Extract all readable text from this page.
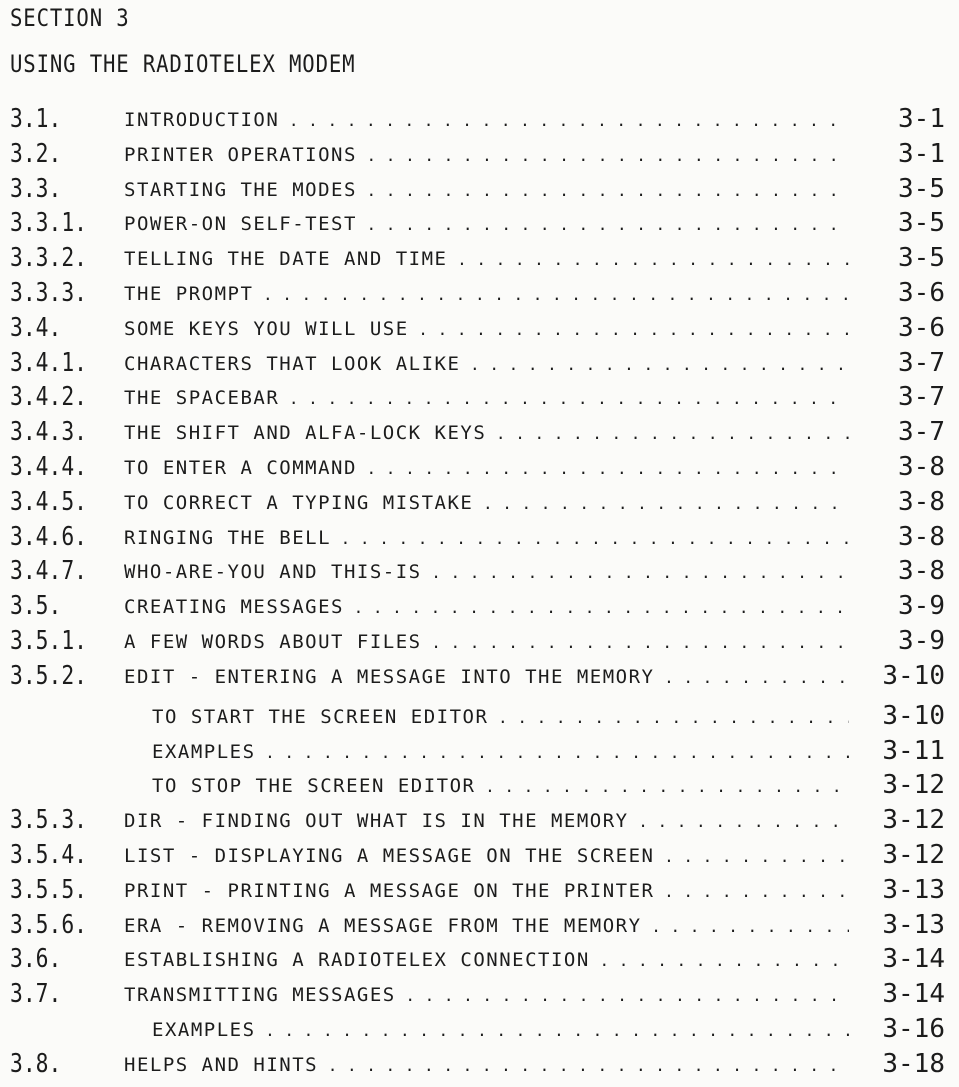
SECTION 3
USING THE RADIOTELEX MODEM
3.1.	INTRODUCTION . . .	3-1
3.2.	PRINTER OPERATIONS . . .	3-1
3.3.	STARTING THE MODES . . .	3-5
3.3.1. POWER-ON SELF-TEST . . .	3-5
3.3.2. TELLING THE DATE AND TIME . . .	3-5
3.3.3. THE PROMPT . . .	3-6
3.4.	SOME KEYS YOU WILL USE . . .	3-6
3.4.1. CHARACTERS THAT LOOK ALIKE . . .	3-7
3.4.2. THE SPACEBAR . . .	3-7
3.4.3. THE SHIFT AND ALFA-LOCK KEYS . . .	3-7
3.4.4. TO ENTER A COMMAND . . .	3-8
3.4.5. TO CORRECT A TYPING MISTAKE . . .	3-8
3.4.6. RINGING THE BELL . . .	3-8
3.4.7. WHO-ARE-YOU AND THIS-IS . . .	3-8
3.5.	CREATING MESSAGES . . .	3-9
3.5.1. A FEW WORDS ABOUT FILES . . .	3-9
3.5.2. EDIT - ENTERING A MESSAGE INTO THE MEMORY . . .	3-10
TO START THE SCREEN EDITOR . . .	3-10
EXAMPLES . . .	3-11
TO STOP THE SCREEN EDITOR . . .	3-12
3.5.3. DIR - FINDING OUT WHAT IS IN THE MEMORY . . .	3-12
3.5.4. LIST - DISPLAYING A MESSAGE ON THE SCREEN . . .	3-12
3.5.5. PRINT - PRINTING A MESSAGE ON THE PRINTER . . .	3-13
3.5.6. ERA - REMOVING A MESSAGE FROM THE MEMORY . . .	3-13
3.6.	ESTABLISHING A RADIOTELEX CONNECTION . . .	3-14
3.7.	TRANSMITTING MESSAGES . . .	3-14
EXAMPLES . . .	3-16
3.8.	HELPS AND HINTS . . .	3-18
